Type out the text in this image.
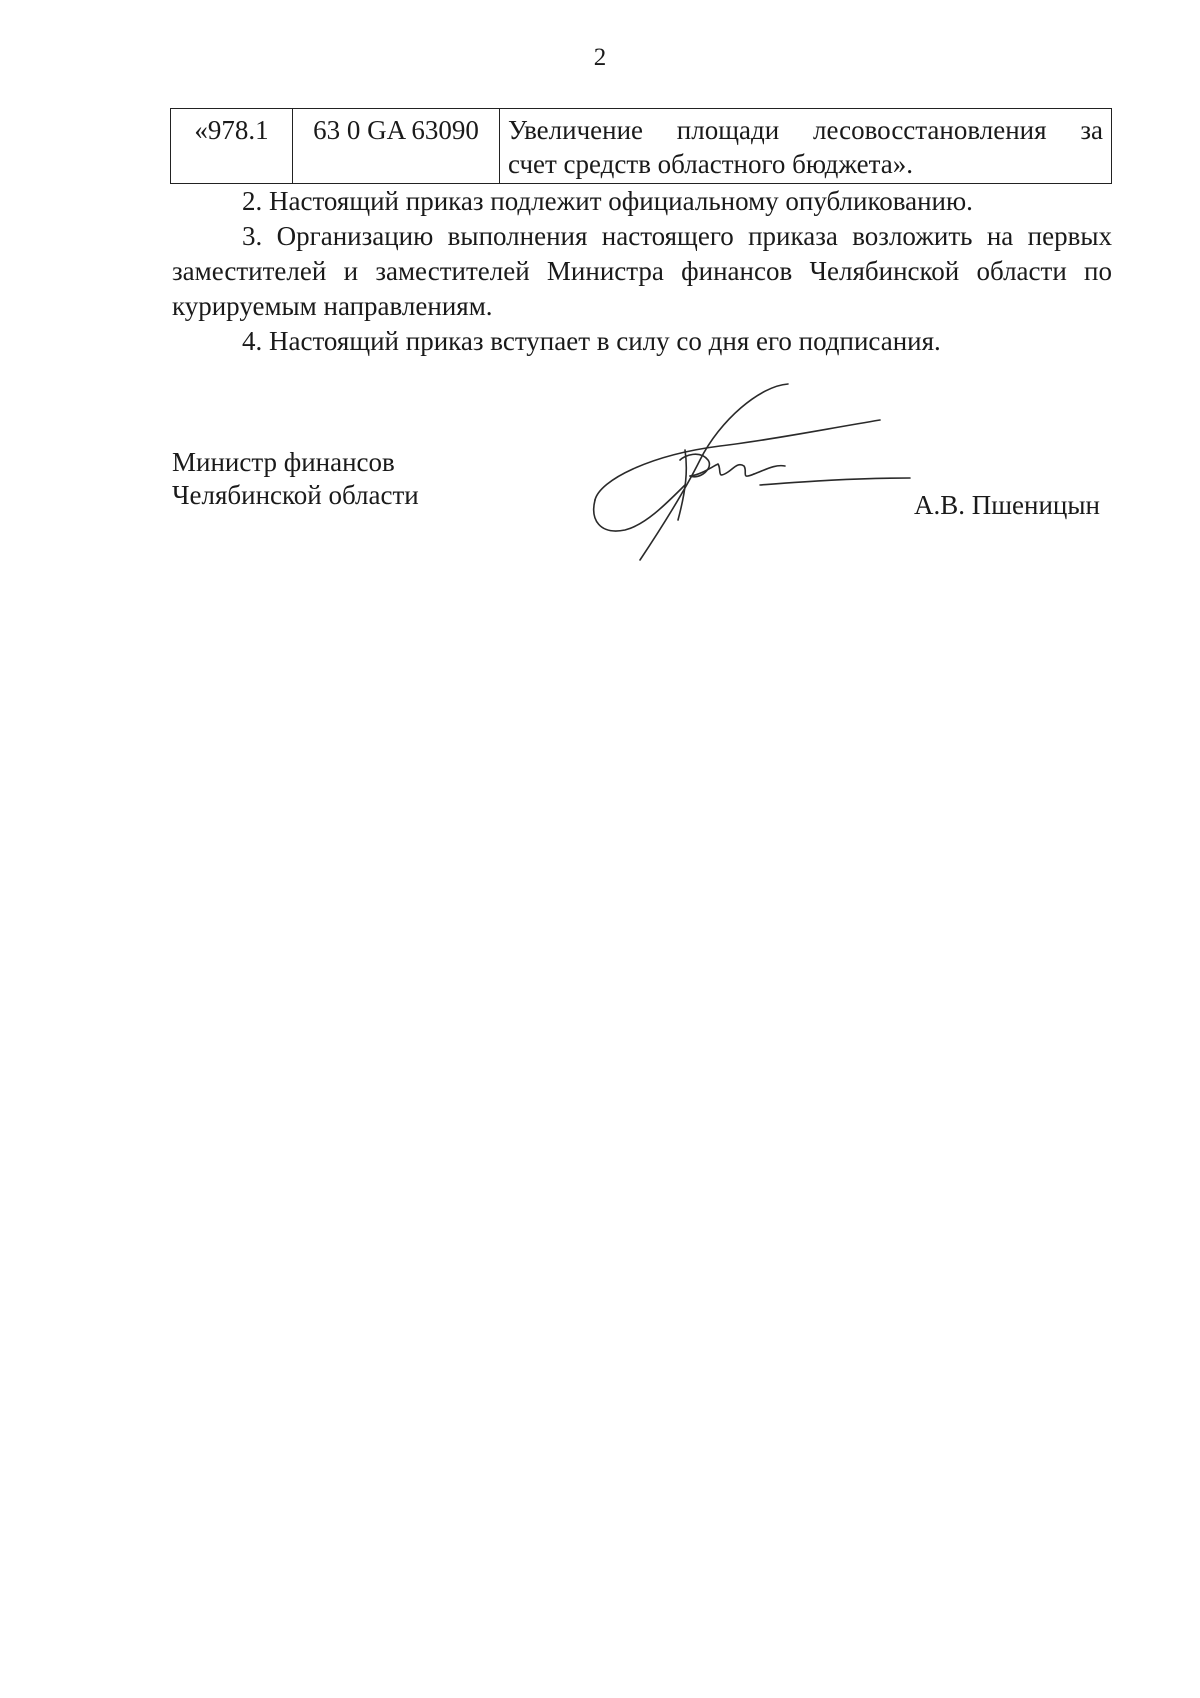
2
«978.1	63 0 GA 63090	Увеличение площади лесовосстановления за
счет средств областного бюджета».

2. Настоящий приказ подлежит официальному опубликованию.

3. Организацию выполнения настоящего приказа возложить на первых заместителей и заместителей Министра финансов Челябинской области по курируемым направлениям.

4. Настоящий приказ вступает в силу со дня его подписания.

Министр финансов
Челябинской области	А.В. Пшеницын
